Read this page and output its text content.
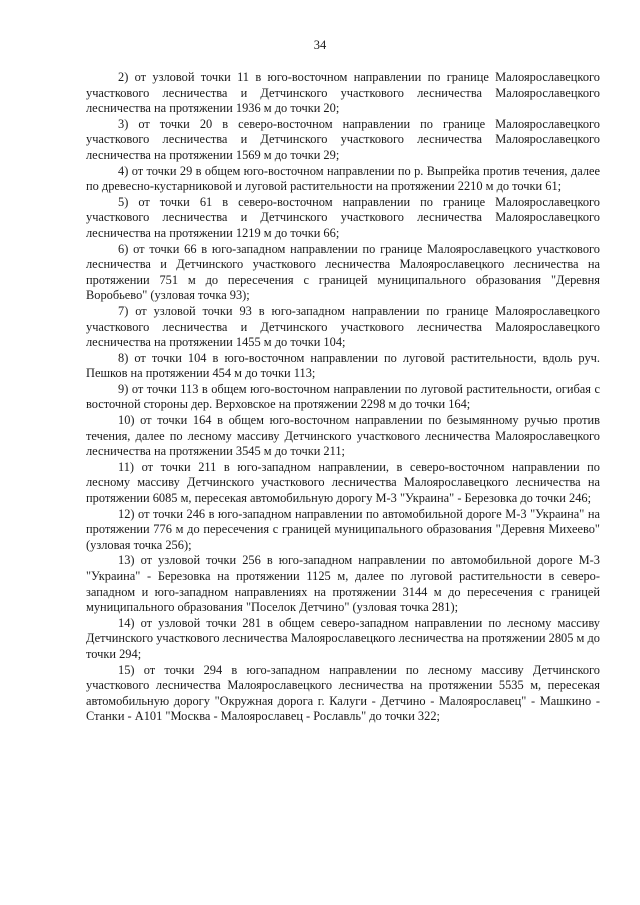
34

2) от узловой точки 11 в юго-восточном направлении по границе Малоярославецкого участкового лесничества и Детчинского участкового лесничества Малоярославецкого лесничества на протяжении 1936 м до точки 20;

3) от точки 20 в северо-восточном направлении по границе Малоярославецкого участкового лесничества и Детчинского участкового лесничества Малоярославецкого лесничества на протяжении 1569 м до точки 29;

4) от точки 29 в общем юго-восточном направлении по р. Выпрейка против течения, далее по древесно-кустарниковой и луговой растительности на протяжении 2210 м до точки 61;

5) от точки 61 в северо-восточном направлении по границе Малоярославецкого участкового лесничества и Детчинского участкового лесничества Малоярославецкого лесничества на протяжении 1219 м до точки 66;

6) от точки 66 в юго-западном направлении по границе Малоярославецкого участкового лесничества и Детчинского участкового лесничества Малоярославецкого лесничества на протяжении 751 м до пересечения с границей муниципального образования "Деревня Воробьево" (узловая точка 93);

7) от узловой точки 93 в юго-западном направлении по границе Малоярославецкого участкового лесничества и Детчинского участкового лесничества Малоярославецкого лесничества на протяжении 1455 м до точки 104;

8) от точки 104 в юго-восточном направлении по луговой растительности, вдоль руч. Пешков на протяжении 454 м до точки 113;

9) от точки 113 в общем юго-восточном направлении по луговой растительности, огибая с восточной стороны дер. Верховское на протяжении 2298 м до точки 164;

10) от точки 164 в общем юго-восточном направлении по безымянному ручью против течения, далее по лесному массиву Детчинского участкового лесничества Малоярославецкого лесничества на протяжении 3545 м до точки 211;

11) от точки 211 в юго-западном направлении, в северо-восточном направлении по лесному массиву Детчинского участкового лесничества Малоярославецкого лесничества на протяжении 6085 м, пересекая автомобильную дорогу М-3 "Украина" - Березовка до точки 246;

12) от точки 246 в юго-западном направлении по автомобильной дороге М-3 "Украина" на протяжении 776 м до пересечения с границей муниципального образования "Деревня Михеево" (узловая точка 256);

13) от узловой точки 256 в юго-западном направлении по автомобильной дороге М-3 "Украина" - Березовка на протяжении 1125 м, далее по луговой растительности в северо-западном и юго-западном направлениях на протяжении 3144 м до пересечения с границей муниципального образования "Поселок Детчино" (узловая точка 281);

14) от узловой точки 281 в общем северо-западном направлении по лесному массиву Детчинского участкового лесничества Малоярославецкого лесничества на протяжении 2805 м до точки 294;

15) от точки 294 в юго-западном направлении по лесному массиву Детчинского участкового лесничества Малоярославецкого лесничества на протяжении 5535 м, пересекая автомобильную дорогу "Окружная дорога г. Калуги - Детчино - Малоярославец" - Машкино - Станки - А101 "Москва - Малоярославец - Рославль" до точки 322;
